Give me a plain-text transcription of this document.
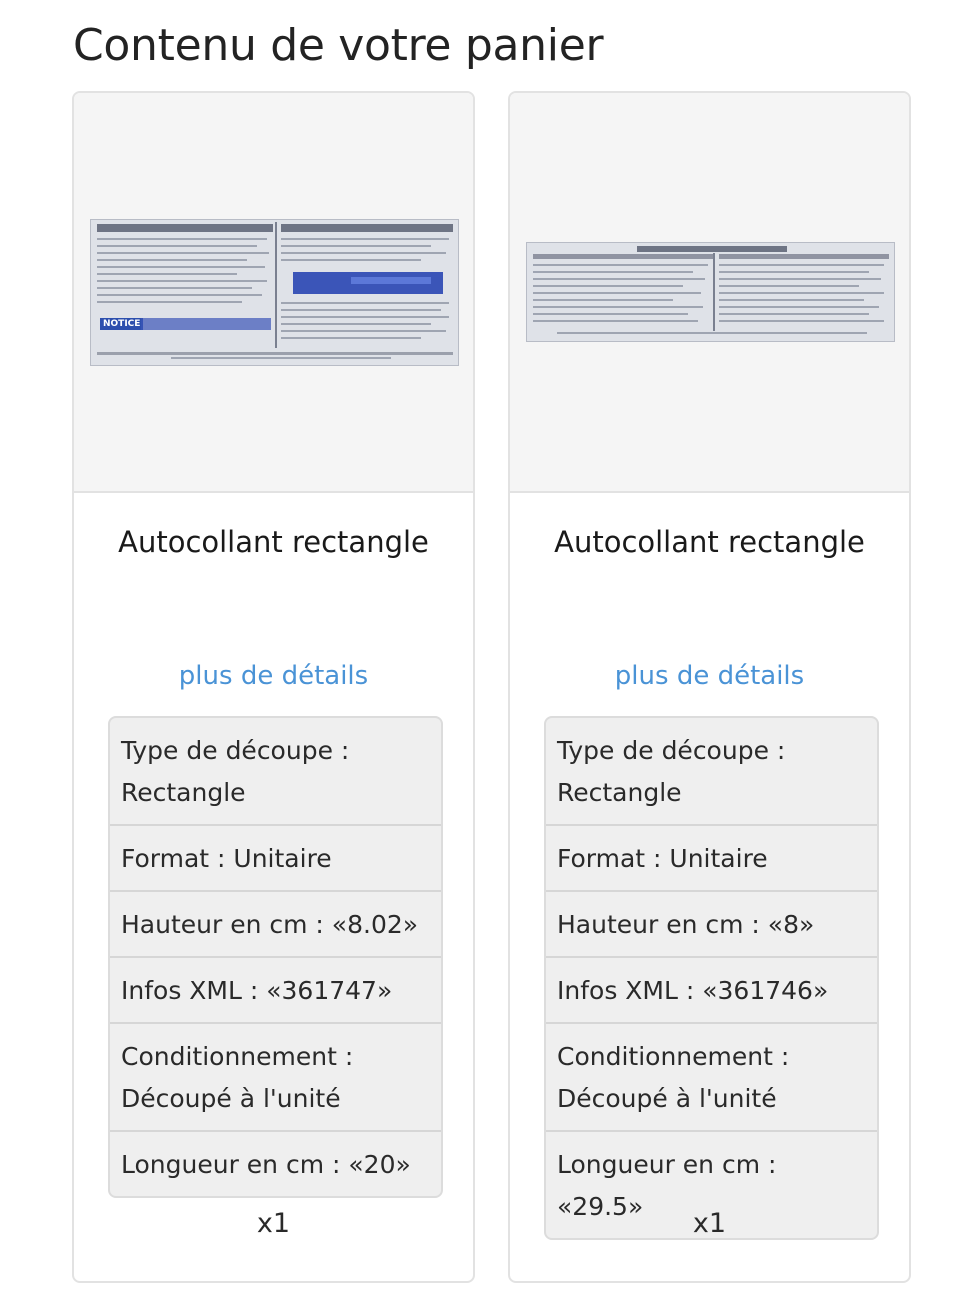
Contenu de votre panier
NOTICE
Autocollant rectangle
plus de détails
Type de découpe : Rectangle
Format : Unitaire
Hauteur en cm : «8.02»
Infos XML : «361747»
Conditionnement : Découpé à l'unité
Longueur en cm : «20»
x1
Autocollant rectangle
plus de détails
Type de découpe : Rectangle
Format : Unitaire
Hauteur en cm : «8»
Infos XML : «361746»
Conditionnement : Découpé à l'unité
Longueur en cm : «29.5»
x1
